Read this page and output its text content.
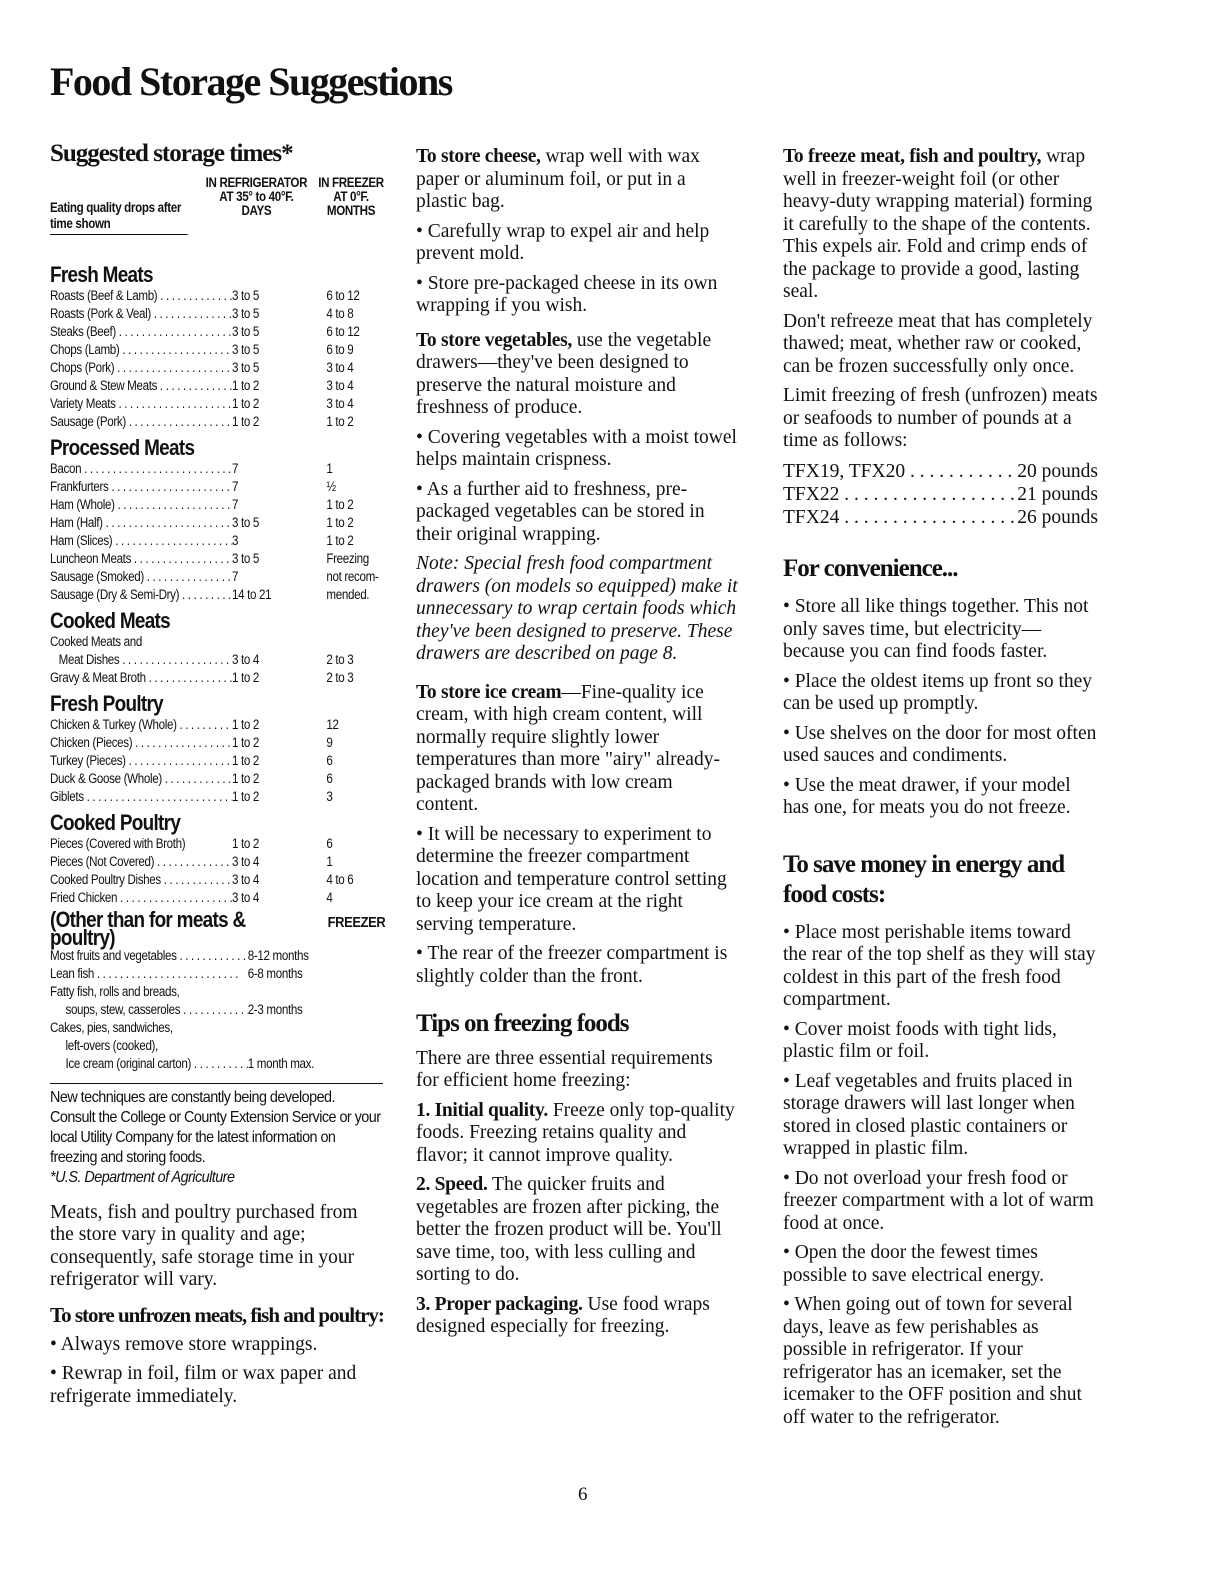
Food Storage Suggestions
Suggested storage times*
Eating quality drops after time shown
IN REFRIGERATOR AT 35° to 40°F. DAYS
IN FREEZER AT 0°F. MONTHS
Fresh Meats
Roasts (Beef & Lamb) . . .	3 to 5	6 to 12
Roasts (Pork & Veal) . . .	3 to 5	4 to 8
Steaks (Beef) . . .	3 to 5	6 to 12
Chops (Lamb) . . .	3 to 5	6 to 9
Chops (Pork) . . .	3 to 5	3 to 4
Ground & Stew Meats . . .	1 to 2	3 to 4
Variety Meats . . .	1 to 2	3 to 4
Sausage (Pork) . . .	1 to 2	1 to 2
Processed Meats
Bacon . . .	7	1
Frankfurters . . .	7	½
Ham (Whole) . . .	7	1 to 2
Ham (Half) . . .	3 to 5	1 to 2
Ham (Slices) . . .	3	1 to 2
Luncheon Meats . . .	3 to 5	Freezing
Sausage (Smoked) . . .	7	not recom-
Sausage (Dry & Semi-Dry) . . .	14 to 21	mended.
Cooked Meats
Cooked Meats and
Meat Dishes . . .	3 to 4	2 to 3
Gravy & Meat Broth . . .	1 to 2	2 to 3
Fresh Poultry
Chicken & Turkey (Whole) . . .	1 to 2	12
Chicken (Pieces) . . .	1 to 2	9
Turkey (Pieces) . . .	1 to 2	6
Duck & Goose (Whole) . . .	1 to 2	6
Giblets . . .	1 to 2	3
Cooked Poultry
Pieces (Covered with Broth)	1 to 2	6
Pieces (Not Covered) . . .	3 to 4	1
Cooked Poultry Dishes . . .	3 to 4	4 to 6
Fried Chicken . . .	3 to 4	4
(Other than for meats & poultry)
FREEZER
Most fruits and vegetables . . .	8-12 months
Lean fish . . .	6-8 months
Fatty fish, rolls and breads,
soups, stew, casseroles . . .	2-3 months
Cakes, pies, sandwiches,
left-overs (cooked),
Ice cream (original carton) . . .	1 month max.
New techniques are constantly being developed. Consult the College or County Extension Service or your local Utility Company for the latest information on freezing and storing foods.
*U.S. Department of Agriculture

Meats, fish and poultry purchased from the store vary in quality and age; consequently, safe storage time in your refrigerator will vary.

To store unfrozen meats, fish and poultry:

• Always remove store wrappings.

• Rewrap in foil, film or wax paper and refrigerate immediately.

To store cheese, wrap well with wax paper or aluminum foil, or put in a plastic bag.

• Carefully wrap to expel air and help prevent mold.

• Store pre-packaged cheese in its own wrapping if you wish.

To store vegetables, use the vegetable drawers—they've been designed to preserve the natural moisture and freshness of produce.

• Covering vegetables with a moist towel helps maintain crispness.

• As a further aid to freshness, pre-packaged vegetables can be stored in their original wrapping.

Note: Special fresh food compartment drawers (on models so equipped) make it unnecessary to wrap certain foods which they've been designed to preserve. These drawers are described on page 8.

To store ice cream—Fine-quality ice cream, with high cream content, will normally require slightly lower temperatures than more "airy" already-packaged brands with low cream content.

• It will be necessary to experiment to determine the freezer compartment location and temperature control setting to keep your ice cream at the right serving temperature.

• The rear of the freezer compartment is slightly colder than the front.

Tips on freezing foods

There are three essential requirements for efficient home freezing:

1. Initial quality. Freeze only top-quality foods. Freezing retains quality and flavor; it cannot improve quality.

2. Speed. The quicker fruits and vegetables are frozen after picking, the better the frozen product will be. You'll save time, too, with less culling and sorting to do.

3. Proper packaging. Use food wraps designed especially for freezing.

To freeze meat, fish and poultry, wrap well in freezer-weight foil (or other heavy-duty wrapping material) forming it carefully to the shape of the contents. This expels air. Fold and crimp ends of the package to provide a good, lasting seal.

Don't refreeze meat that has completely thawed; meat, whether raw or cooked, can be frozen successfully only once.

Limit freezing of fresh (unfrozen) meats or seafoods to number of pounds at a time as follows:

TFX19, TFX20 . . .	20 pounds
TFX22 . . .	21 pounds
TFX24 . . .	26 pounds
For convenience...

• Store all like things together. This not only saves time, but electricity—because you can find foods faster.

• Place the oldest items up front so they can be used up promptly.

• Use shelves on the door for most often used sauces and condiments.

• Use the meat drawer, if your model has one, for meats you do not freeze.

To save money in energy and food costs:

• Place most perishable items toward the rear of the top shelf as they will stay coldest in this part of the fresh food compartment.

• Cover moist foods with tight lids, plastic film or foil.

• Leaf vegetables and fruits placed in storage drawers will last longer when stored in closed plastic containers or wrapped in plastic film.

• Do not overload your fresh food or freezer compartment with a lot of warm food at once.

• Open the door the fewest times possible to save electrical energy.

• When going out of town for several days, leave as few perishables as possible in refrigerator. If your refrigerator has an icemaker, set the icemaker to the OFF position and shut off water to the refrigerator.

6
